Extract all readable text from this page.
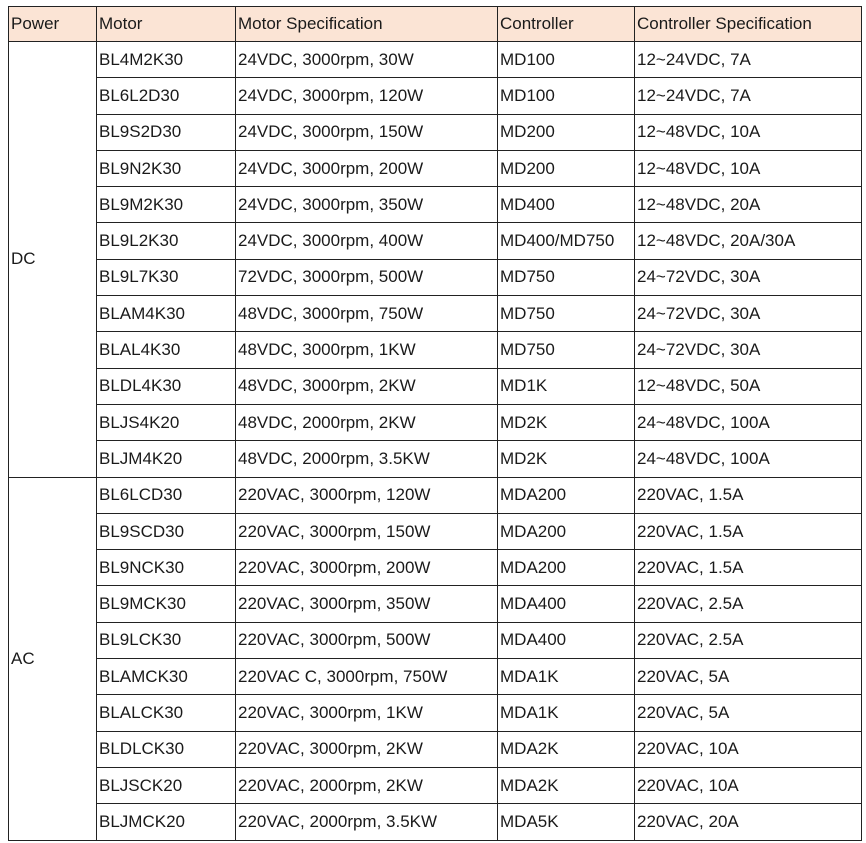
Power	Motor	Motor Specification	Controller	Controller Specification
DC	BL4M2K30	24VDC, 3000rpm, 30W	MD100	12~24VDC, 7A
	BL6L2D30	24VDC, 3000rpm, 120W	MD100	12~24VDC, 7A
	BL9S2D30	24VDC, 3000rpm, 150W	MD200	12~48VDC, 10A
	BL9N2K30	24VDC, 3000rpm, 200W	MD200	12~48VDC, 10A
	BL9M2K30	24VDC, 3000rpm, 350W	MD400	12~48VDC, 20A
	BL9L2K30	24VDC, 3000rpm, 400W	MD400/MD750	12~48VDC, 20A/30A
	BL9L7K30	72VDC, 3000rpm, 500W	MD750	24~72VDC, 30A
	BLAM4K30	48VDC, 3000rpm, 750W	MD750	24~72VDC, 30A
	BLAL4K30	48VDC, 3000rpm, 1KW	MD750	24~72VDC, 30A
	BLDL4K30	48VDC, 3000rpm, 2KW	MD1K	12~48VDC, 50A
	BLJS4K20	48VDC, 2000rpm, 2KW	MD2K	24~48VDC, 100A
	BLJM4K20	48VDC, 2000rpm, 3.5KW	MD2K	24~48VDC, 100A
AC	BL6LCD30	220VAC, 3000rpm, 120W	MDA200	220VAC, 1.5A
	BL9SCD30	220VAC, 3000rpm, 150W	MDA200	220VAC, 1.5A
	BL9NCK30	220VAC, 3000rpm, 200W	MDA200	220VAC, 1.5A
	BL9MCK30	220VAC, 3000rpm, 350W	MDA400	220VAC, 2.5A
	BL9LCK30	220VAC, 3000rpm, 500W	MDA400	220VAC, 2.5A
	BLAMCK30	220VAC C, 3000rpm, 750W	MDA1K	220VAC, 5A
	BLALCK30	220VAC, 3000rpm, 1KW	MDA1K	220VAC, 5A
	BLDLCK30	220VAC, 3000rpm, 2KW	MDA2K	220VAC, 10A
	BLJSCK20	220VAC, 2000rpm, 2KW	MDA2K	220VAC, 10A
	BLJMCK20	220VAC, 2000rpm, 3.5KW	MDA5K	220VAC, 20A
